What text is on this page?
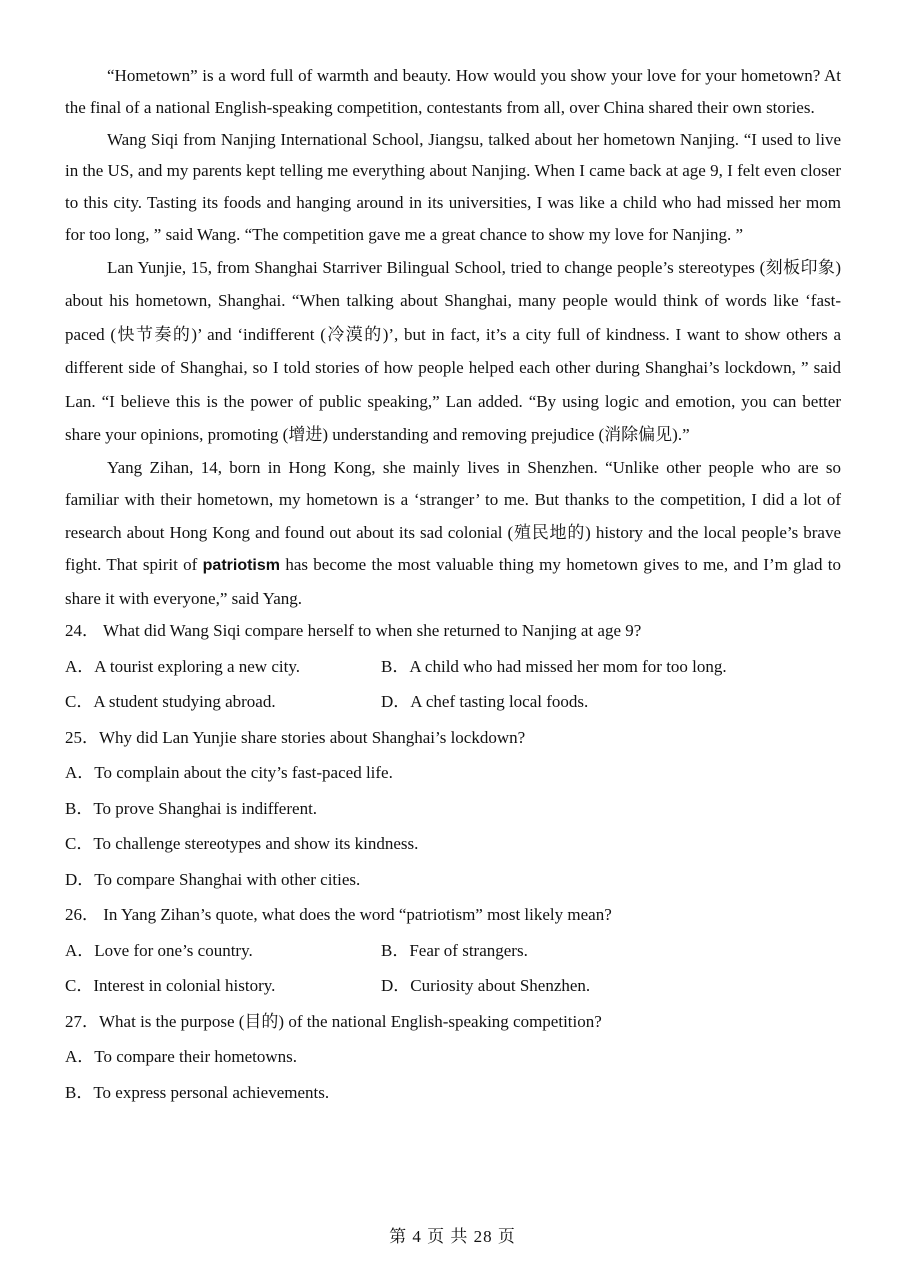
“Hometown” is a word full of warmth and beauty. How would you show your love for your hometown? At the final of a national English-speaking competition, contestants from all, over China shared their own stories.

Wang Siqi from Nanjing International School, Jiangsu, talked about her hometown Nanjing. “I used to live in the US, and my parents kept telling me everything about Nanjing. When I came back at age 9, I felt even closer to this city. Tasting its foods and hanging around in its universities, I was like a child who had missed her mom for too long, ” said Wang. “The competition gave me a great chance to show my love for Nanjing. ”

Lan Yunjie, 15, from Shanghai Starriver Bilingual School, tried to change people’s stereotypes (刻板印象) about his hometown, Shanghai. “When talking about Shanghai, many people would think of words like ‘fast-paced (快节奏的)’ and ‘indifferent (冷漠的)’, but in fact, it’s a city full of kindness. I want to show others a different side of Shanghai, so I told stories of how people helped each other during Shanghai’s lockdown, ” said Lan. “I believe this is the power of public speaking,” Lan added. “By using logic and emotion, you can better share your opinions, promoting (增进) understanding and removing prejudice (消除偏见).”

Yang Zihan, 14, born in Hong Kong, she mainly lives in Shenzhen. “Unlike other people who are so familiar with their hometown, my hometown is a ‘stranger’ to me. But thanks to the competition, I did a lot of research about Hong Kong and found out about its sad colonial (殖民地的) history and the local people’s brave fight. That spirit of patriotism has become the most valuable thing my hometown gives to me, and I’m glad to share it with everyone,” said Yang.

24． What did Wang Siqi compare herself to when she returned to Nanjing at age 9?
A．A tourist exploring a new city.	B．A child who had missed her mom for too long.
C．A student studying abroad.	D．A chef tasting local foods.
25．Why did Lan Yunjie share stories about Shanghai’s lockdown?
A．To complain about the city’s fast-paced life.
B．To prove Shanghai is indifferent.
C．To challenge stereotypes and show its kindness.
D．To compare Shanghai with other cities.
26． In Yang Zihan’s quote, what does the word “patriotism” most likely mean?
A．Love for one’s country.	B．Fear of strangers.
C．Interest in colonial history.	D．Curiosity about Shenzhen.
27．What is the purpose (目的) of the national English-speaking competition?
A．To compare their hometowns.
B．To express personal achievements.
第 4 页 共 28 页
